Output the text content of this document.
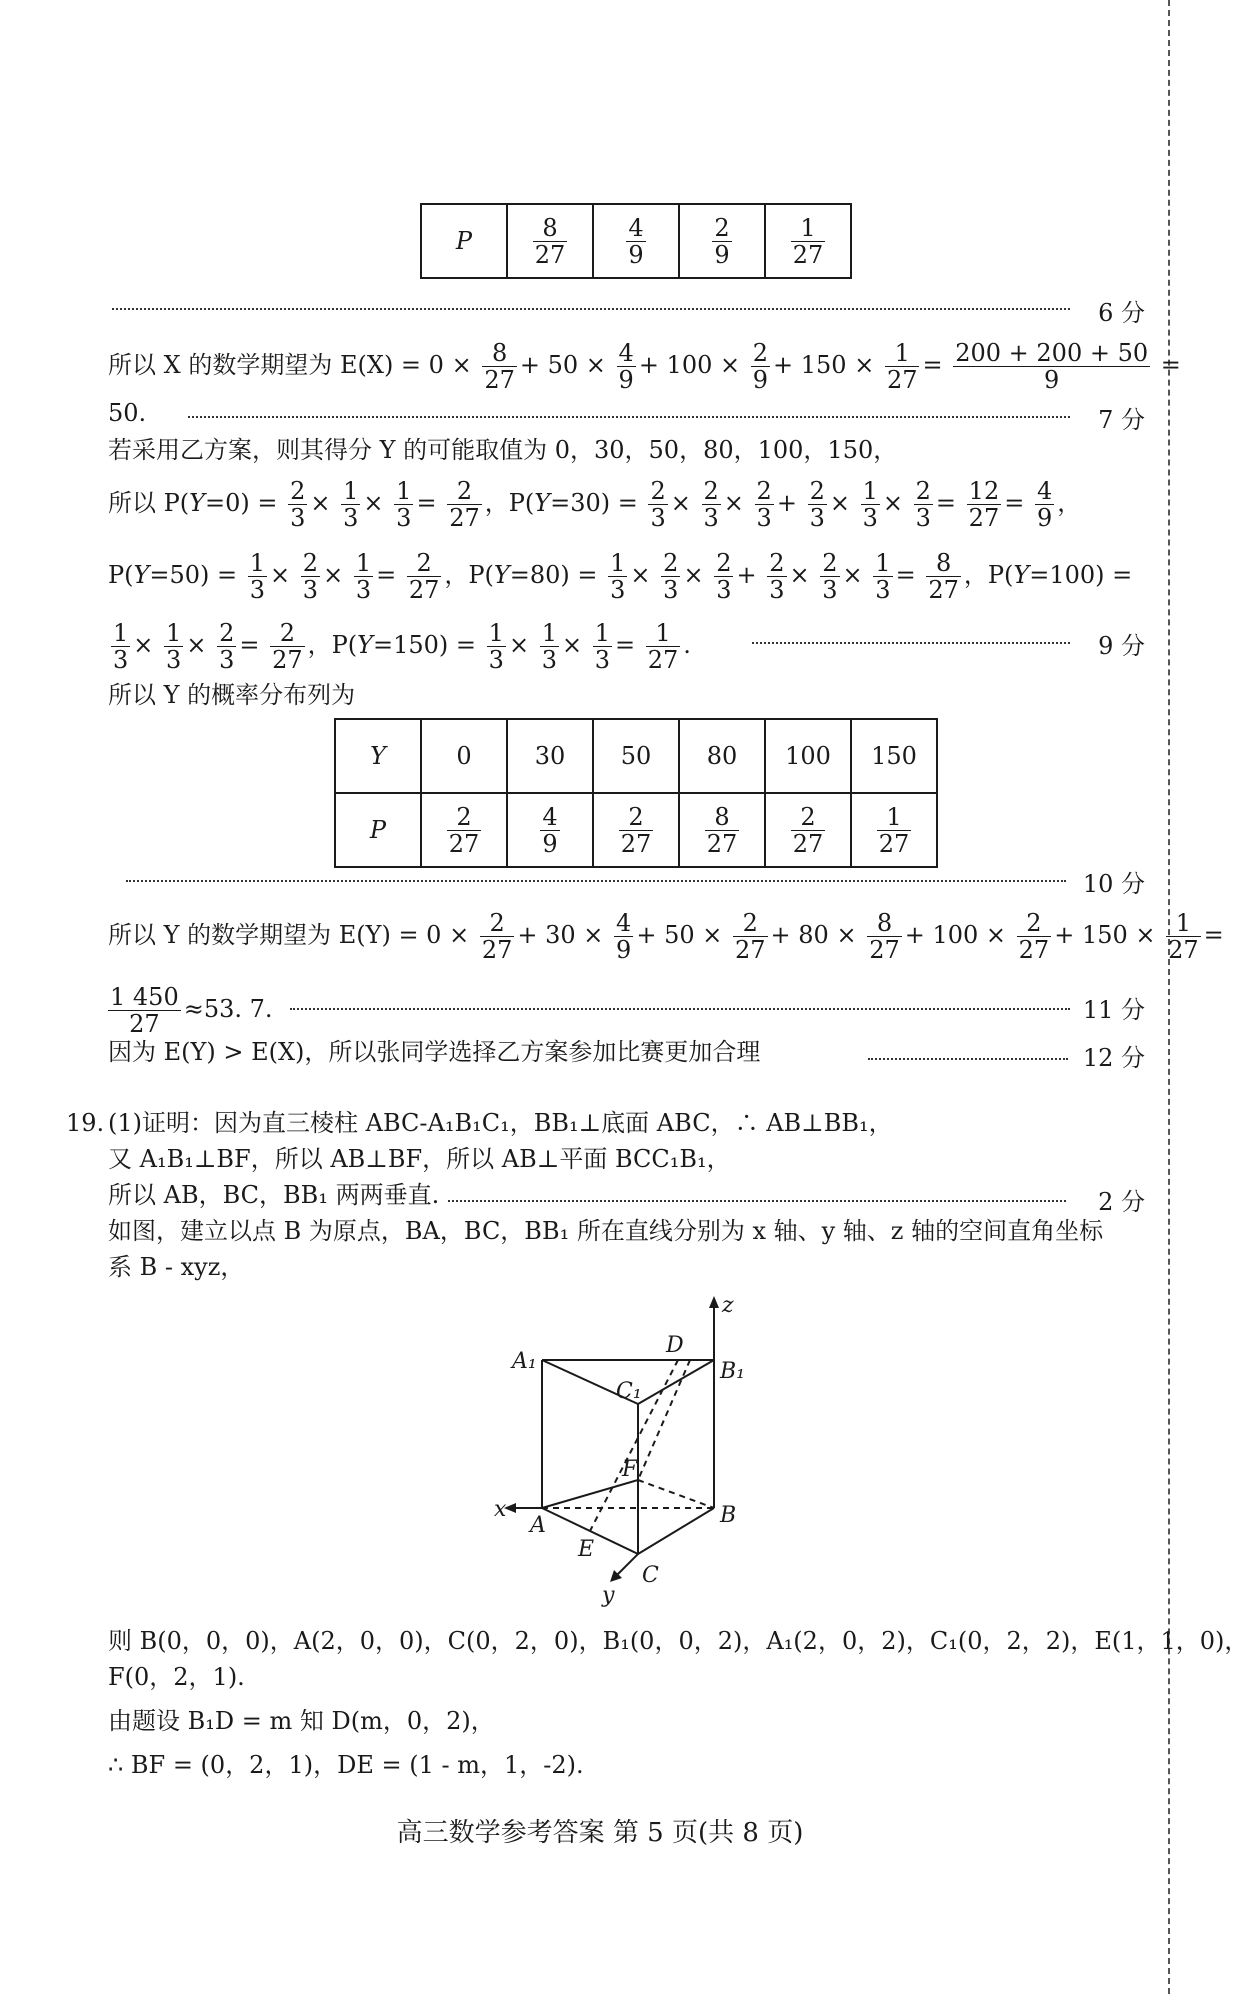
P	$\frac{8}{27}$	$\frac{4}{9}$	$\frac{2}{9}$	$\frac{1}{27}$
6 分
所以 X 的数学期望为 $E(X) = 0 \times \frac{8}{27} + 50 \times \frac{4}{9} + 100 \times \frac{2}{9} + 150 \times \frac{1}{27} = \frac{200 + 200 + 50}{9}$ =
50.	7 分
若采用乙方案，则其得分 Y 的可能取值为 0，30，50，80，100，150，
所以 $P(Y=0) = \frac{2}{3} \times \frac{1}{3} \times \frac{1}{3} = \frac{2}{27}$ ，$P(Y=30) = \frac{2}{3} \times \frac{2}{3} \times \frac{2}{3} + \frac{2}{3} \times \frac{1}{3} \times \frac{2}{3} = \frac{12}{27} = \frac{4}{9}$ ，
$P(Y=50) = \frac{1}{3} \times \frac{2}{3} \times \frac{1}{3} = \frac{2}{27}$ ，$P(Y=80) = \frac{1}{3} \times \frac{2}{3} \times \frac{2}{3} + \frac{2}{3} \times \frac{2}{3} \times \frac{1}{3} = \frac{8}{27}$ ，P(Y=100) =
$\frac{1}{3} \times \frac{1}{3} \times \frac{2}{3} = \frac{2}{27}$ ，$P(Y=150) = \frac{1}{3} \times \frac{1}{3} \times \frac{1}{3} = \frac{1}{27}$ .	9 分
所以 Y 的概率分布列为
Y	0	30	50	80	100	150
P	$\frac{2}{27}$	$\frac{4}{9}$	$\frac{2}{27}$	$\frac{8}{27}$	$\frac{2}{27}$	$\frac{1}{27}$
10 分
所以 Y 的数学期望为 $E(Y) = 0 \times \frac{2}{27} + 30 \times \frac{4}{9} + 50 \times \frac{2}{27} + 80 \times \frac{8}{27} + 100 \times \frac{2}{27} + 150 \times \frac{1}{27}$ =
$\frac{1 450}{27} \approx 53$. 7.	11 分
因为 E(Y) > E(X)，所以张同学选择乙方案参加比赛更加合理	12 分
19. (1)证明：因为直三棱柱 ABC-A₁B₁C₁，BB₁⊥底面 ABC，∴ AB⊥BB₁，
又 A₁B₁⊥BF，所以 AB⊥BF，所以 AB⊥平面 BCC₁B₁，
所以 AB，BC，BB₁ 两两垂直.	2 分
如图，建立以点 B 为原点，BA，BC，BB₁ 所在直线分别为 x 轴、y 轴、z 轴的空间直角坐标
系 B - xyz，
z
A₁
D
B₁
C₁
F
x
A
E
B
y
C
则 B(0，0，0)，A(2，0，0)，C(0，2，0)，B₁(0，0，2)，A₁(2，0，2)，C₁(0，2，2)，E(1，1，0)，
F(0，2，1).
由题设 B₁D = m 知 D(m，0，2)，
∴ BF = (0，2，1)，DE = (1 - m，1，-2).
高三数学参考答案 第 5 页(共 8 页)
